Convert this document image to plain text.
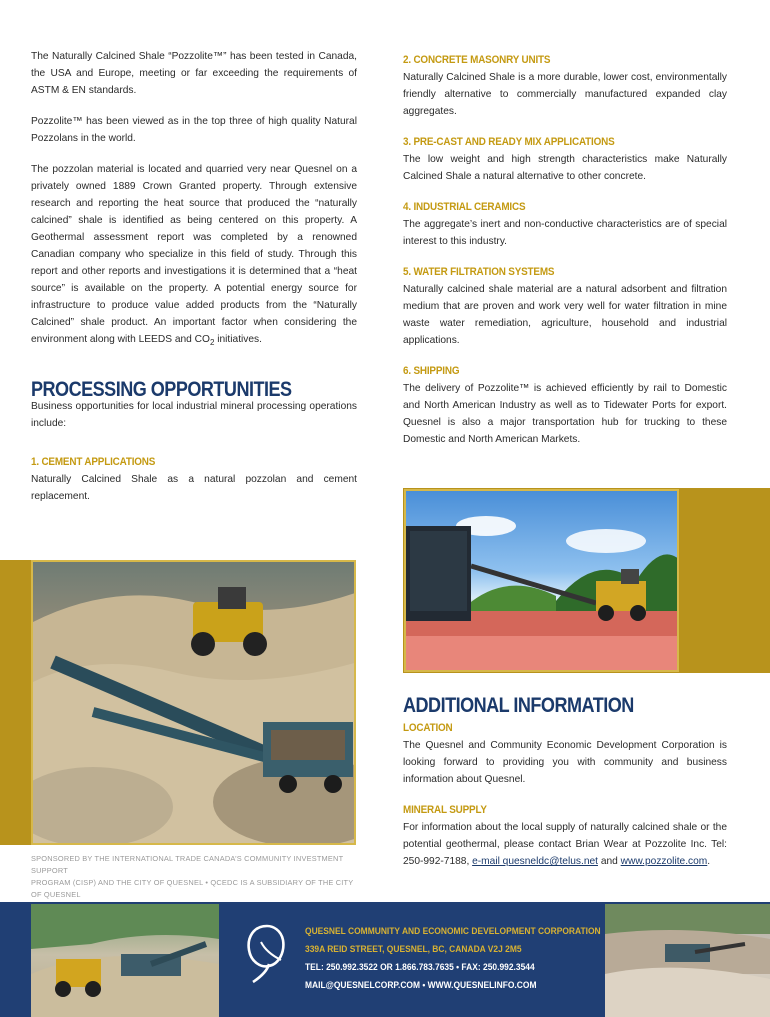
The Naturally Calcined Shale “Pozzolite™” has been tested in Canada, the USA and Europe, meeting or far exceeding the requirements of ASTM & EN standards.

Pozzolite™ has been viewed as in the top three of high quality Natural Pozzolans in the world.

The pozzolan material is located and quarried very near Quesnel on a privately owned 1889 Crown Granted property. Through extensive research and reporting the heat source that produced the “naturally calcined” shale is identified as being centered on this property. A Geothermal assessment report was completed by a renowned Canadian company who specialize in this field of study. Through this report and other reports and investigations it is determined that a “heat source” is available on the property. A potential energy source for infrastructure to produce value added products from the “Naturally Calcined” shale product. An important factor when considering the environment along with LEEDS and $CO_2$ initiatives.

PROCESSING OPPORTUNITIES

Business opportunities for local industrial mineral processing operations include:

1. CEMENT APPLICATIONS

Naturally Calcined Shale as a natural pozzolan and cement replacement.

2. CONCRETE MASONRY UNITS

Naturally Calcined Shale is a more durable, lower cost, environmentally friendly alternative to commercially manufactured expanded clay aggregates.

3. PRE-CAST AND READY MIX APPLICATIONS

The low weight and high strength characteristics make Naturally Calcined Shale a natural alternative to other concrete.

4. INDUSTRIAL CERAMICS

The aggregate’s inert and non-conductive characteristics are of special interest to this industry.

5. WATER FILTRATION SYSTEMS

Naturally calcined shale material are a natural adsorbent and filtration medium that are proven and work very well for water filtration in mine waste water remediation, agriculture, household and industrial applications.

6. SHIPPING

The delivery of Pozzolite™ is achieved efficiently by rail to Domestic and North American Industry as well as to Tidewater Ports for export. Quesnel is also a major transportation hub for trucking to these Domestic and North American Markets.

ADDITIONAL INFORMATION
LOCATION

The Quesnel and Community Economic Development Corporation is looking forward to providing you with community and business information about Quesnel.

MINERAL SUPPLY

For information about the local supply of naturally calcined shale or the potential geothermal, please contact Brian Wear at Pozzolite Inc. Tel: 250-992-7188, e-mail quesneldc@telus.net and www.pozzolite.com.

SPONSORED BY THE INTERNATIONAL TRADE CANADA’S COMMUNITY INVESTMENT SUPPORT
PROGRAM (CISP) AND THE CITY OF QUESNEL • QCEDC IS A SUBSIDIARY OF THE CITY OF QUESNEL
QUESNEL COMMUNITY AND ECONOMIC DEVELOPMENT CORPORATION
339A REID STREET, QUESNEL, BC, CANADA V2J 2M5
TEL: 250.992.3522 OR 1.866.783.7635 • FAX: 250.992.3544
MAIL@QUESNELCORP.COM • WWW.QUESNELINFO.COM
